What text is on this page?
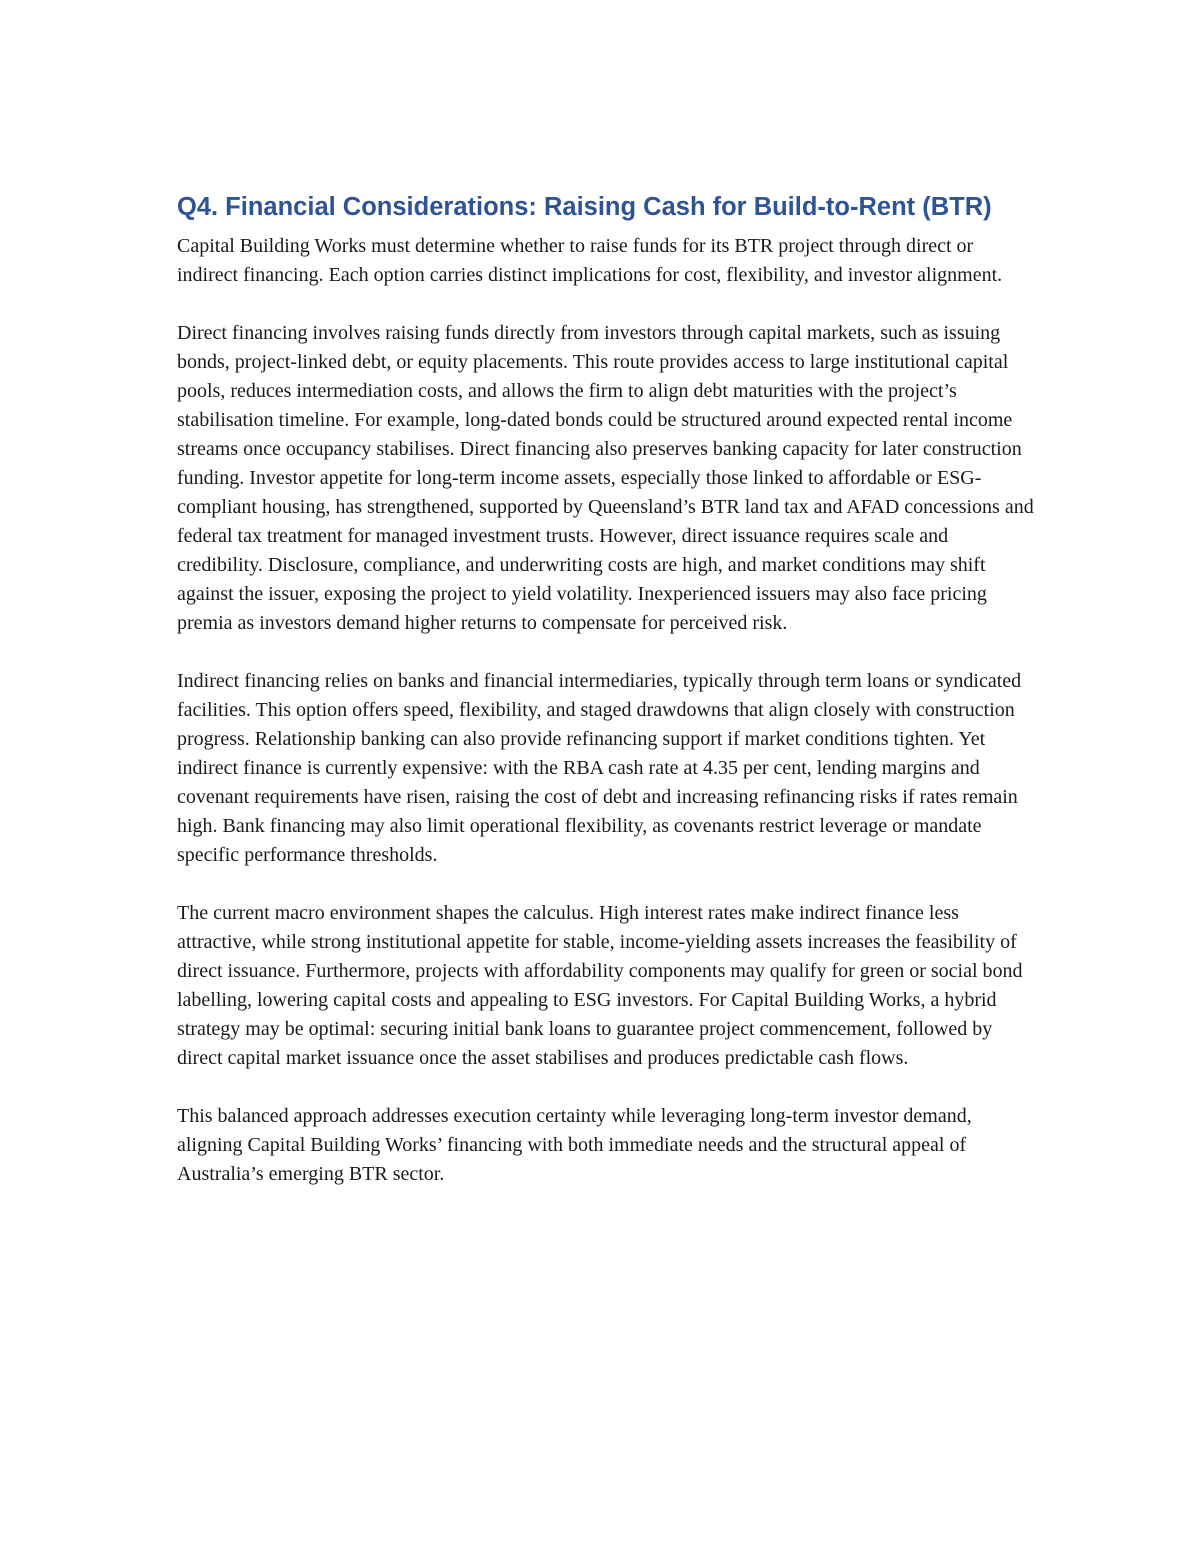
Q4. Financial Considerations: Raising Cash for Build-to-Rent (BTR)

Capital Building Works must determine whether to raise funds for its BTR project through direct or indirect financing. Each option carries distinct implications for cost, flexibility, and investor alignment.

Direct financing involves raising funds directly from investors through capital markets, such as issuing bonds, project-linked debt, or equity placements. This route provides access to large institutional capital pools, reduces intermediation costs, and allows the firm to align debt maturities with the project’s stabilisation timeline. For example, long-dated bonds could be structured around expected rental income streams once occupancy stabilises. Direct financing also preserves banking capacity for later construction funding. Investor appetite for long-term income assets, especially those linked to affordable or ESG-compliant housing, has strengthened, supported by Queensland’s BTR land tax and AFAD concessions and federal tax treatment for managed investment trusts. However, direct issuance requires scale and credibility. Disclosure, compliance, and underwriting costs are high, and market conditions may shift against the issuer, exposing the project to yield volatility. Inexperienced issuers may also face pricing premia as investors demand higher returns to compensate for perceived risk.

Indirect financing relies on banks and financial intermediaries, typically through term loans or syndicated facilities. This option offers speed, flexibility, and staged drawdowns that align closely with construction progress. Relationship banking can also provide refinancing support if market conditions tighten. Yet indirect finance is currently expensive: with the RBA cash rate at 4.35 per cent, lending margins and covenant requirements have risen, raising the cost of debt and increasing refinancing risks if rates remain high. Bank financing may also limit operational flexibility, as covenants restrict leverage or mandate specific performance thresholds.

The current macro environment shapes the calculus. High interest rates make indirect finance less attractive, while strong institutional appetite for stable, income-yielding assets increases the feasibility of direct issuance. Furthermore, projects with affordability components may qualify for green or social bond labelling, lowering capital costs and appealing to ESG investors. For Capital Building Works, a hybrid strategy may be optimal: securing initial bank loans to guarantee project commencement, followed by direct capital market issuance once the asset stabilises and produces predictable cash flows.

This balanced approach addresses execution certainty while leveraging long-term investor demand, aligning Capital Building Works’ financing with both immediate needs and the structural appeal of Australia’s emerging BTR sector.
